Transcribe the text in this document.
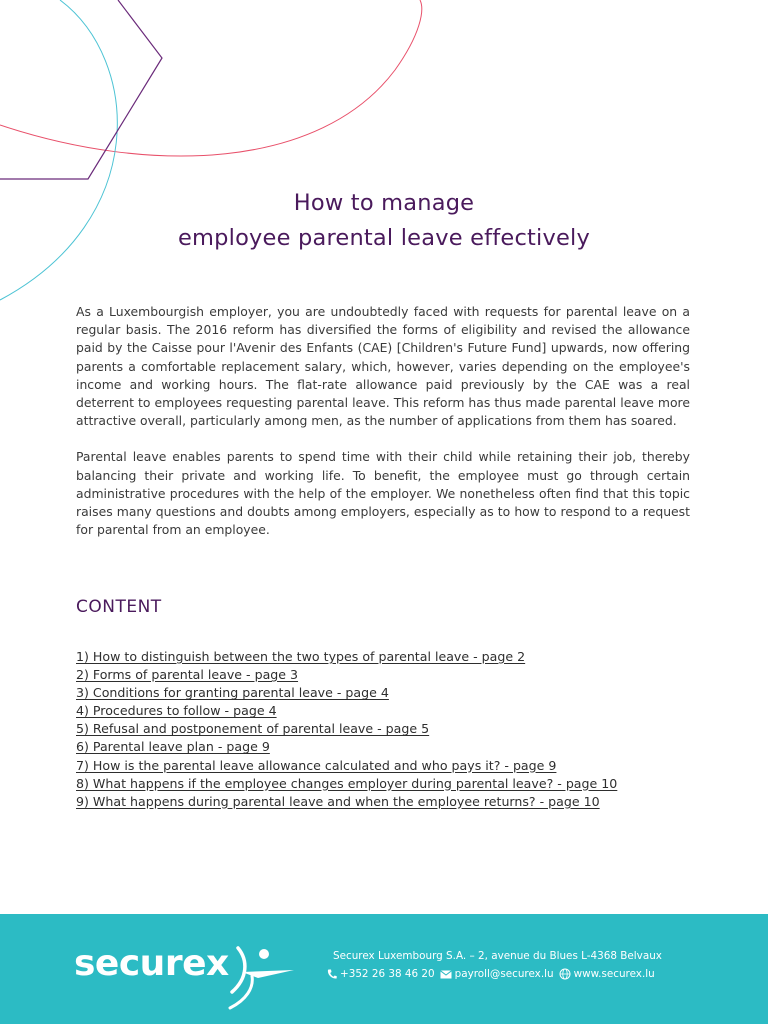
How to manage
employee parental leave effectively

As a Luxembourgish employer, you are undoubtedly faced with requests for parental leave on a regular basis. The 2016 reform has diversified the forms of eligibility and revised the allowance paid by the Caisse pour l'Avenir des Enfants (CAE) [Children's Future Fund] upwards, now offering parents a comfortable replacement salary, which, however, varies depending on the employee's income and working hours. The flat-rate allowance paid previously by the CAE was a real deterrent to employees requesting parental leave. This reform has thus made parental leave more attractive overall, particularly among men, as the number of applications from them has soared.

Parental leave enables parents to spend time with their child while retaining their job, thereby balancing their private and working life. To benefit, the employee must go through certain administrative procedures with the help of the employer. We nonetheless often find that this topic raises many questions and doubts among employers, especially as to how to respond to a request for parental from an employee.

CONTENT
1) How to distinguish between the two types of parental leave - page 2
2) Forms of parental leave - page 3
3) Conditions for granting parental leave - page 4
4) Procedures to follow - page 4
5) Refusal and postponement of parental leave - page 5
6) Parental leave plan - page 9
7) How is the parental leave allowance calculated and who pays it? - page 9
8) What happens if the employee changes employer during parental leave? - page 10
9) What happens during parental leave and when the employee returns? - page 10
securex	Securex Luxembourg S.A. – 2, avenue du Blues L-4368 Belvaux
+352 26 38 46 20 payroll@securex.lu www.securex.lu
